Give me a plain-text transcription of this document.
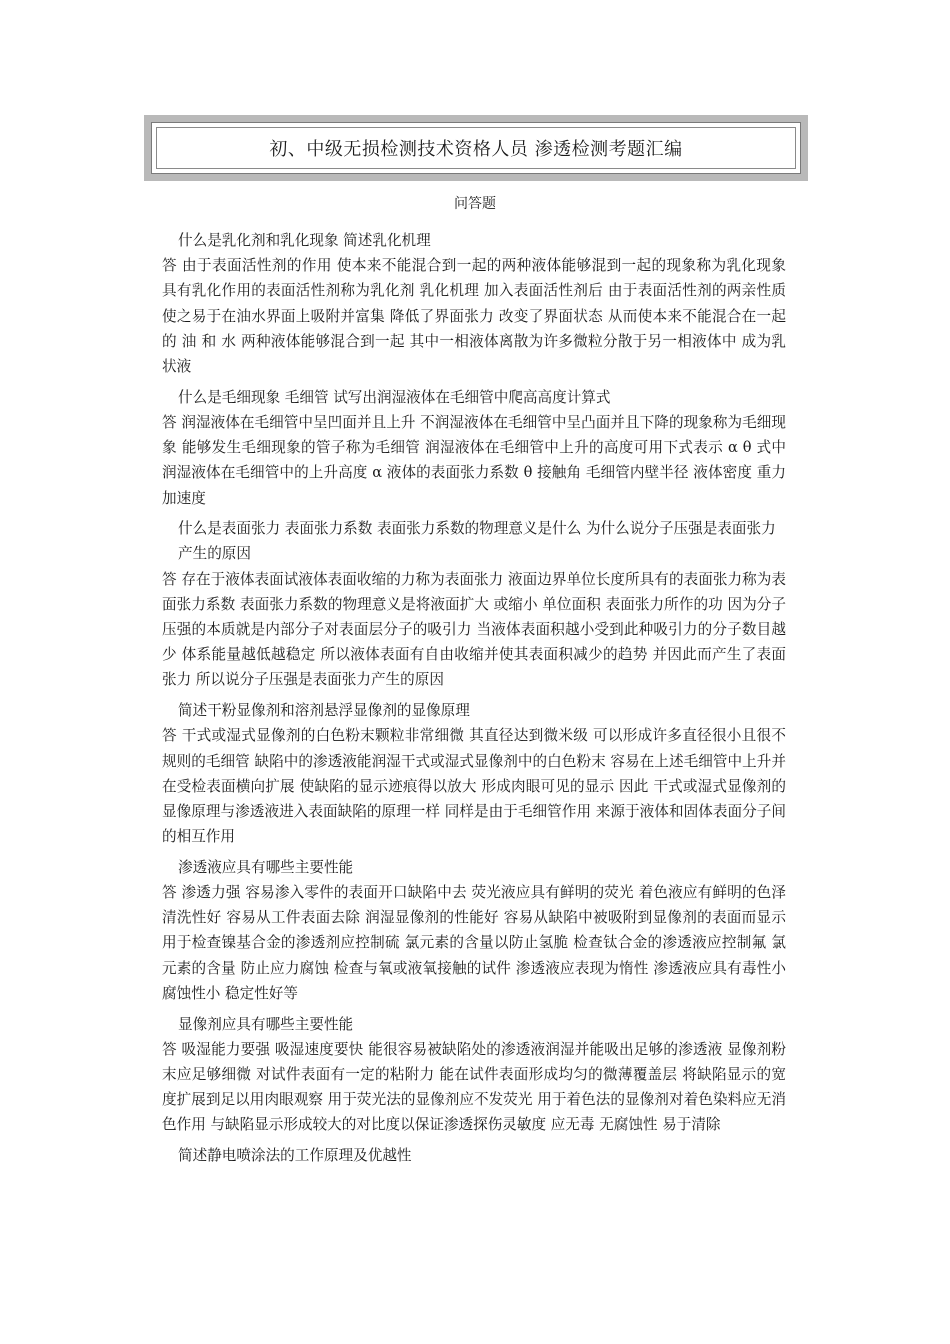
初、中级无损检测技术资格人员 渗透检测考题汇编
问答题
什么是乳化剂和乳化现象 简述乳化机理
答 由于表面活性剂的作用 使本来不能混合到一起的两种液体能够混到一起的现象称为乳化现象 具有乳化作用的表面活性剂称为乳化剂 乳化机理 加入表面活性剂后 由于表面活性剂的两亲性质 使之易于在油水界面上吸附并富集 降低了界面张力 改变了界面状态 从而使本来不能混合在一起的 油 和 水 两种液体能够混合到一起 其中一相液体离散为许多微粒分散于另一相液体中 成为乳状液
什么是毛细现象 毛细管 试写出润湿液体在毛细管中爬高高度计算式
答 润湿液体在毛细管中呈凹面并且上升 不润湿液体在毛细管中呈凸面并且下降的现象称为毛细现象 能够发生毛细现象的管子称为毛细管 润湿液体在毛细管中上升的高度可用下式表示 α θ 式中 润湿液体在毛细管中的上升高度 α 液体的表面张力系数 θ 接触角 毛细管内壁半径 液体密度 重力加速度
什么是表面张力 表面张力系数 表面张力系数的物理意义是什么 为什么说分子压强是表面张力产生的原因
答 存在于液体表面试液体表面收缩的力称为表面张力 液面边界单位长度所具有的表面张力称为表面张力系数 表面张力系数的物理意义是将液面扩大 或缩小 单位面积 表面张力所作的功 因为分子压强的本质就是内部分子对表面层分子的吸引力 当液体表面积越小受到此种吸引力的分子数目越少 体系能量越低越稳定 所以液体表面有自由收缩并使其表面积减少的趋势 并因此而产生了表面张力 所以说分子压强是表面张力产生的原因
简述干粉显像剂和溶剂悬浮显像剂的显像原理
答 干式或湿式显像剂的白色粉末颗粒非常细微 其直径达到微米级 可以形成许多直径很小且很不规则的毛细管 缺陷中的渗透液能润湿干式或湿式显像剂中的白色粉末 容易在上述毛细管中上升并在受检表面横向扩展 使缺陷的显示迹痕得以放大 形成肉眼可见的显示 因此 干式或湿式显像剂的显像原理与渗透液进入表面缺陷的原理一样 同样是由于毛细管作用 来源于液体和固体表面分子间的相互作用
渗透液应具有哪些主要性能
答 渗透力强 容易渗入零件的表面开口缺陷中去 荧光液应具有鲜明的荧光 着色液应有鲜明的色泽 清洗性好 容易从工件表面去除 润湿显像剂的性能好 容易从缺陷中被吸附到显像剂的表面而显示 用于检查镍基合金的渗透剂应控制硫 氯元素的含量以防止氢脆 检查钛合金的渗透液应控制氟 氯元素的含量 防止应力腐蚀 检查与氧或液氧接触的试件 渗透液应表现为惰性 渗透液应具有毒性小 腐蚀性小 稳定性好等
显像剂应具有哪些主要性能
答 吸湿能力要强 吸湿速度要快 能很容易被缺陷处的渗透液润湿并能吸出足够的渗透液 显像剂粉末应足够细微 对试件表面有一定的粘附力 能在试件表面形成均匀的微薄覆盖层 将缺陷显示的宽度扩展到足以用肉眼观察 用于荧光法的显像剂应不发荧光 用于着色法的显像剂对着色染料应无消色作用 与缺陷显示形成较大的对比度以保证渗透探伤灵敏度 应无毒 无腐蚀性 易于清除
简述静电喷涂法的工作原理及优越性
